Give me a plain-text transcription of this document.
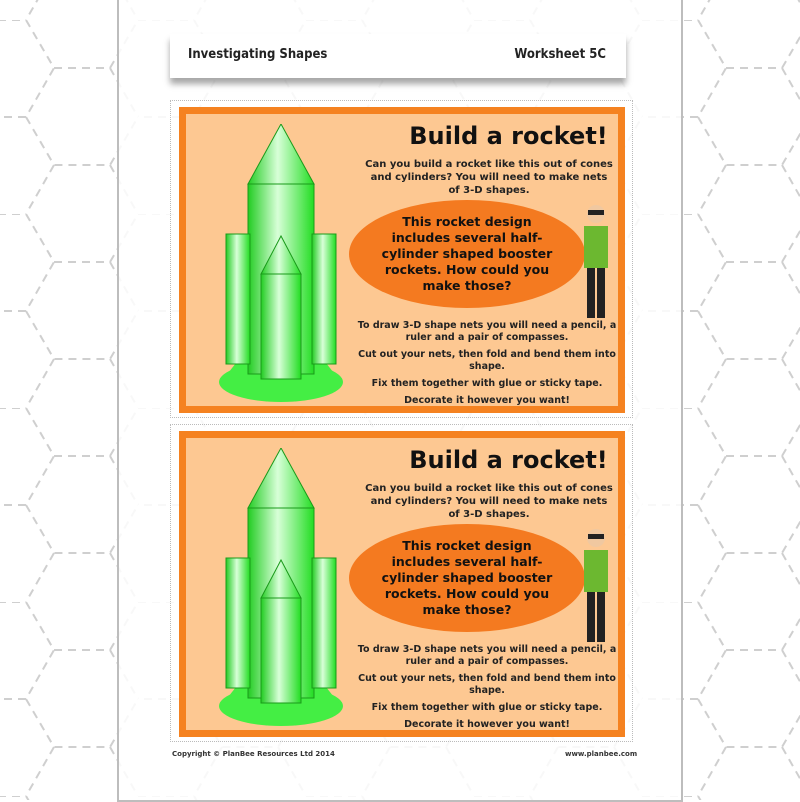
Investigating Shapes	Worksheet 5C
Build a rocket!
Can you build a rocket like this out of cones and cylinders? You will need to make nets of 3-D shapes.
This rocket design includes several half-cylinder shaped booster rockets. How could you make those?

To draw 3-D shape nets you will need a pencil, a ruler and a pair of compasses.

Cut out your nets, then fold and bend them into shape.

Fix them together with glue or sticky tape.

Decorate it however you want!

Build a rocket!
Can you build a rocket like this out of cones and cylinders? You will need to make nets of 3-D shapes.
This rocket design includes several half-cylinder shaped booster rockets. How could you make those?

To draw 3-D shape nets you will need a pencil, a ruler and a pair of compasses.

Cut out your nets, then fold and bend them into shape.

Fix them together with glue or sticky tape.

Decorate it however you want!

Copyright © PlanBee Resources Ltd 2014	www.planbee.com
